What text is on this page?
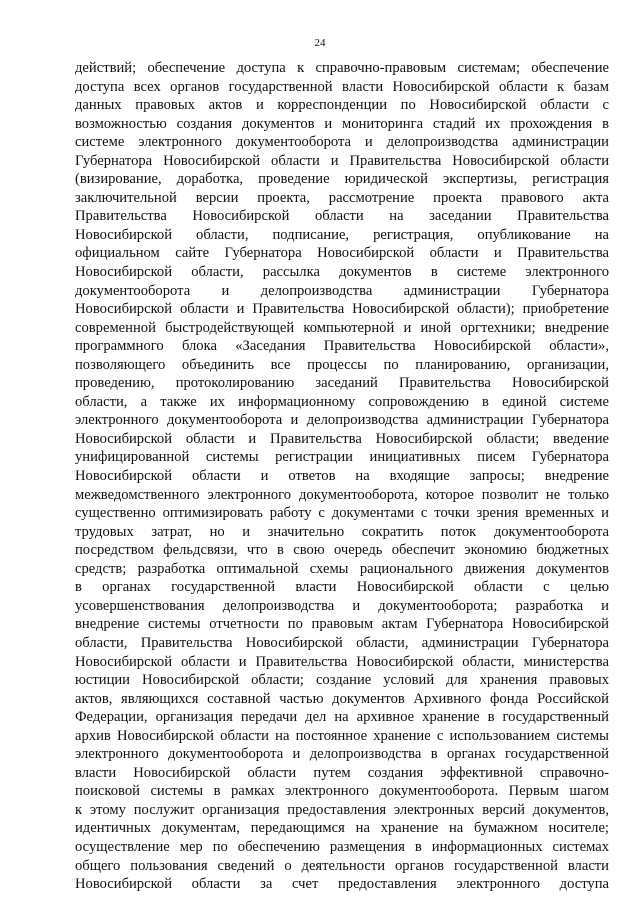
24
действий; обеспечение доступа к справочно-правовым системам; обеспечение
доступа всех органов государственной власти Новосибирской области к базам
данных правовых актов и корреспонденции по Новосибирской области с
возможностью создания документов и мониторинга стадий их прохождения в
системе электронного документооборота и делопроизводства администрации
Губернатора Новосибирской области и Правительства Новосибирской области
(визирование, доработка, проведение юридической экспертизы, регистрация
заключительной версии проекта, рассмотрение проекта правового акта
Правительства Новосибирской области на заседании Правительства
Новосибирской области, подписание, регистрация, опубликование на
официальном сайте Губернатора Новосибирской области и Правительства
Новосибирской области, рассылка документов в системе электронного
документооборота и делопроизводства администрации Губернатора
Новосибирской области и Правительства Новосибирской области); приобретение
современной быстродействующей компьютерной и иной оргтехники; внедрение
программного блока «Заседания Правительства Новосибирской области»,
позволяющего объединить все процессы по планированию, организации,
проведению, протоколированию заседаний Правительства Новосибирской
области, а также их информационному сопровождению в единой системе
электронного документооборота и делопроизводства администрации Губернатора
Новосибирской области и Правительства Новосибирской области; введение
унифицированной системы регистрации инициативных писем Губернатора
Новосибирской области и ответов на входящие запросы; внедрение
межведомственного электронного документооборота, которое позволит не только
существенно оптимизировать работу с документами с точки зрения временных и
трудовых затрат, но и значительно сократить поток документооборота
посредством фельдсвязи, что в свою очередь обеспечит экономию бюджетных
средств; разработка оптимальной схемы рационального движения документов
в органах государственной власти Новосибирской области с целью
усовершенствования делопроизводства и документооборота; разработка и
внедрение системы отчетности по правовым актам Губернатора Новосибирской
области, Правительства Новосибирской области, администрации Губернатора
Новосибирской области и Правительства Новосибирской области, министерства
юстиции Новосибирской области; создание условий для хранения правовых
актов, являющихся составной частью документов Архивного фонда Российской
Федерации, организация передачи дел на архивное хранение в государственный
архив Новосибирской области на постоянное хранение с использованием системы
электронного документооборота и делопроизводства в органах государственной
власти Новосибирской области путем создания эффективной справочно-
поисковой системы в рамках электронного документооборота. Первым шагом
к этому послужит организация предоставления электронных версий документов,
идентичных документам, передающимся на хранение на бумажном носителе;
осуществление мер по обеспечению размещения в информационных системах
общего пользования сведений о деятельности органов государственной власти
Новосибирской области за счет предоставления электронного доступа
